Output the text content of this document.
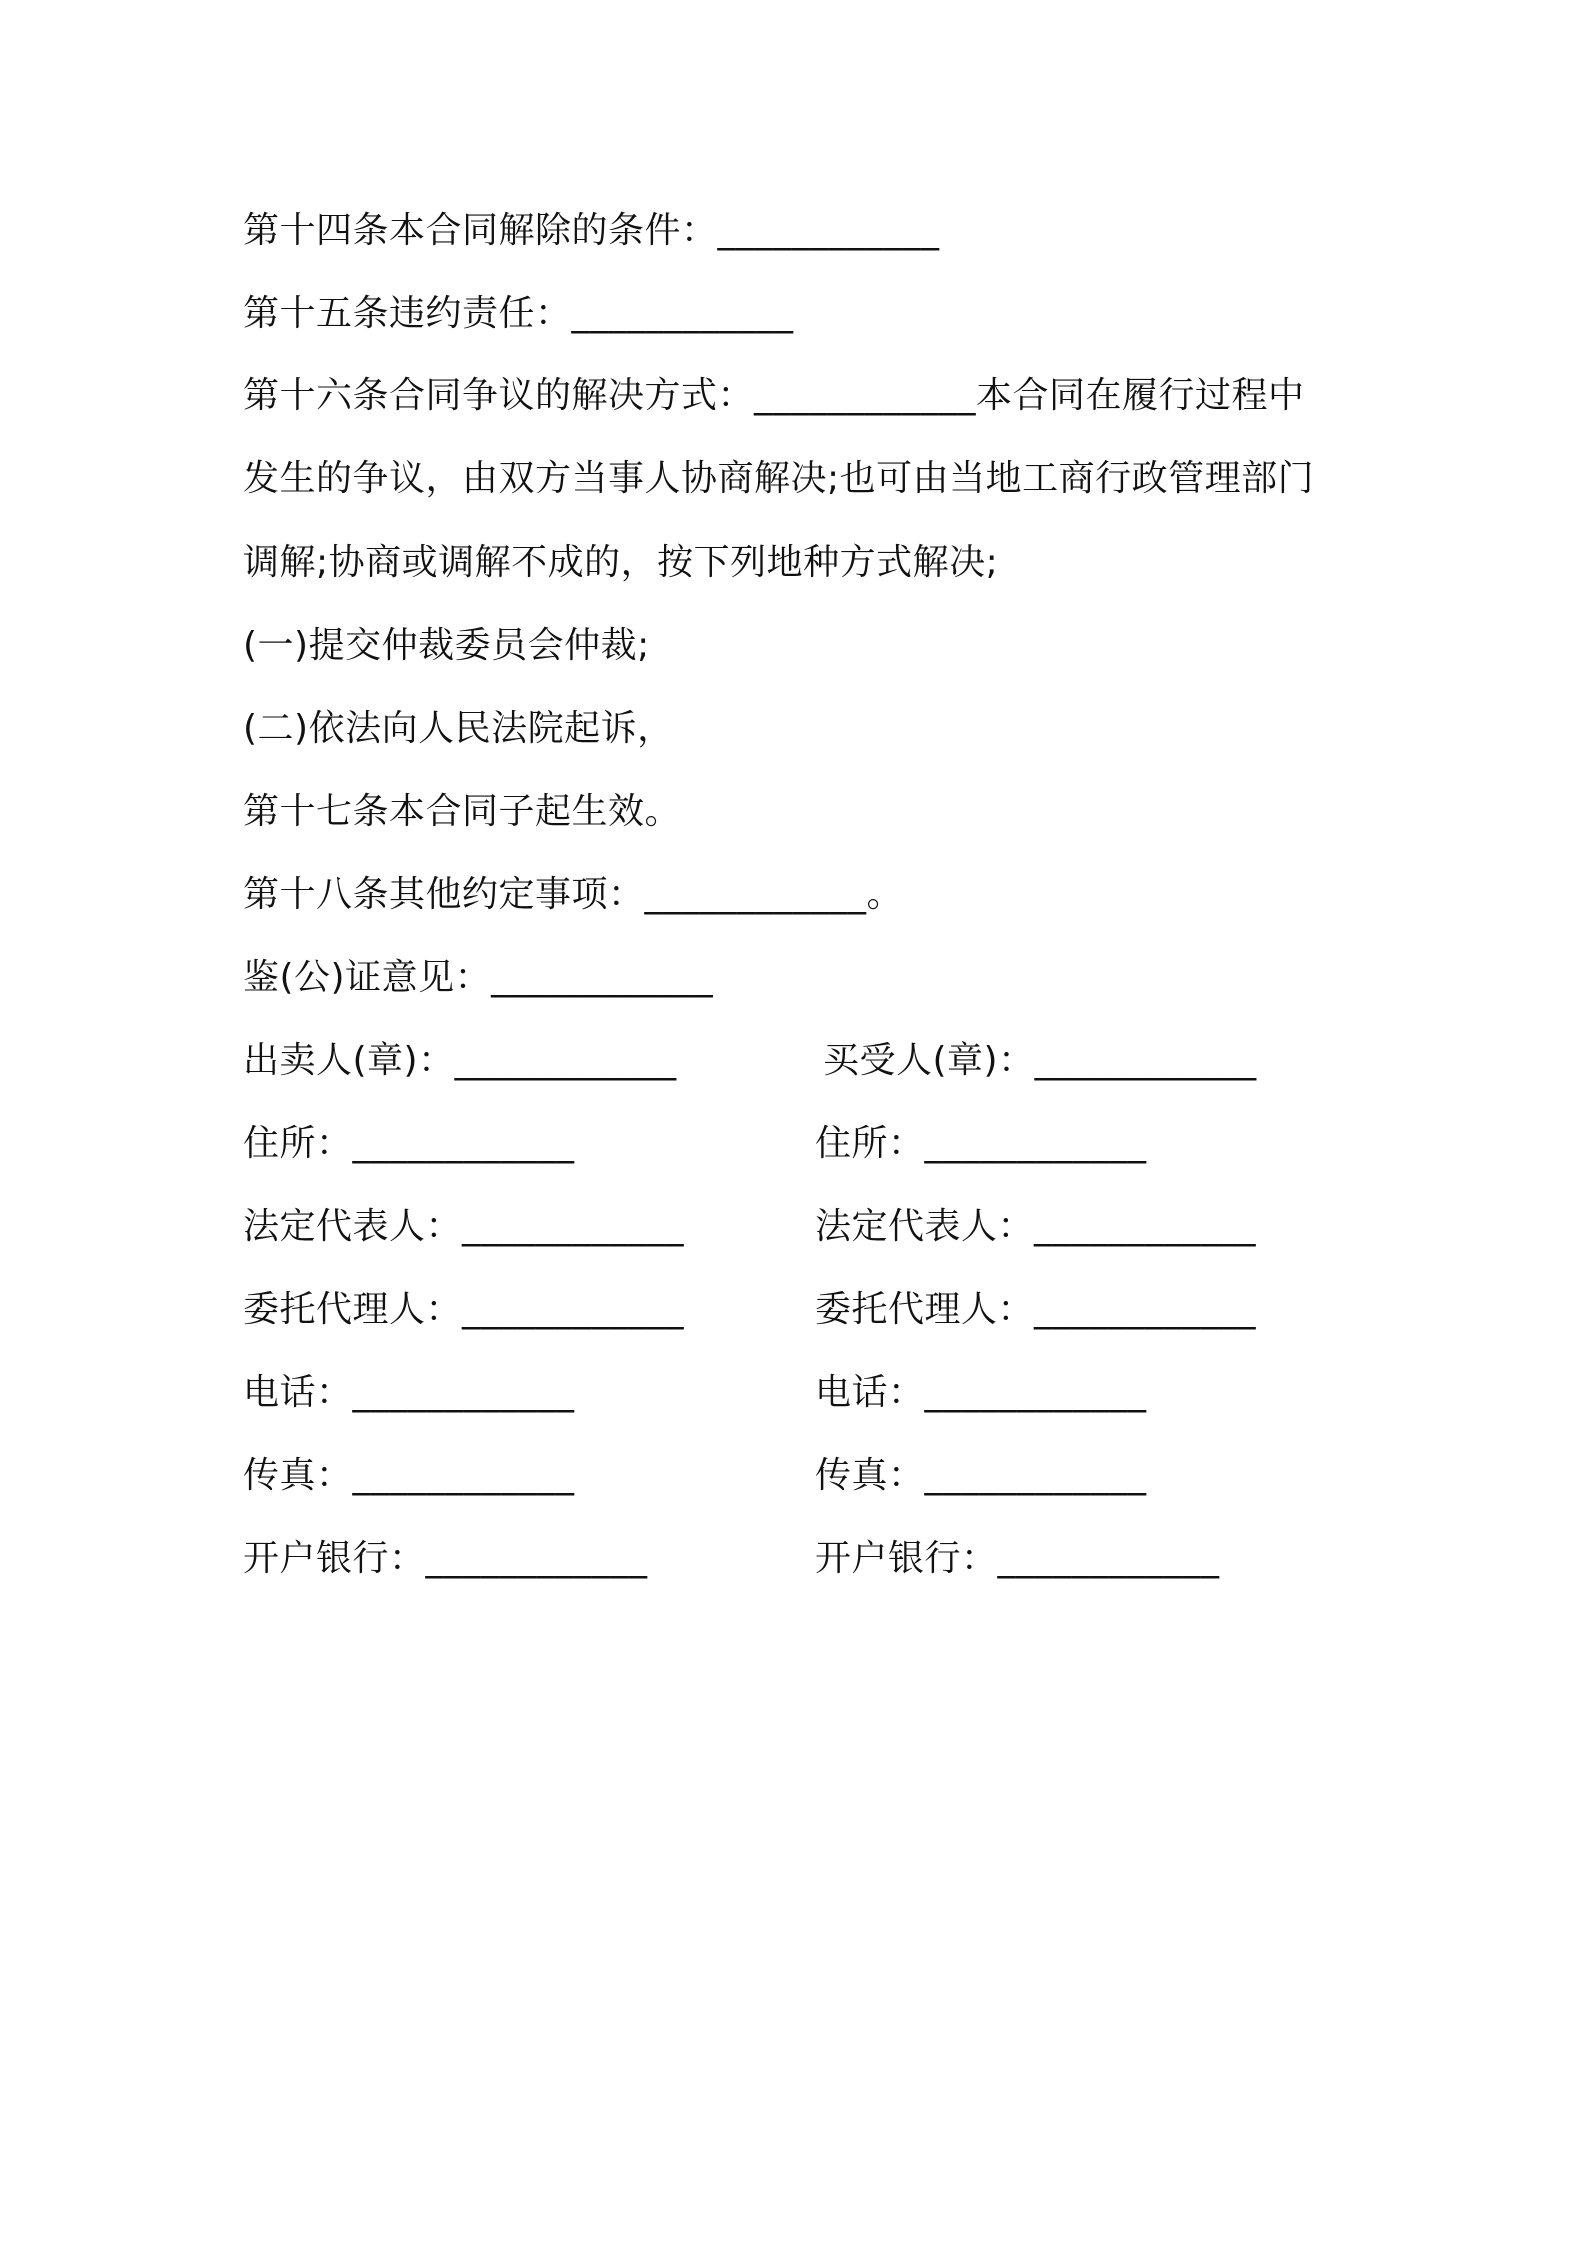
第十四条本合同解除的条件：____________
第十五条违约责任：____________
第十六条合同争议的解决方式：____________本合同在履行过程中
发生的争议，由双方当事人协商解决;也可由当地工商行政管理部门
调解;协商或调解不成的，按下列地种方式解决;
(一)提交仲裁委员会仲裁;
(二)依法向人民法院起诉，
第十七条本合同子起生效。
第十八条其他约定事项：____________。
鉴(公)证意见：____________
出卖人(章)：____________
住所：____________
法定代表人：____________
委托代理人：____________
电话：____________
传真：____________
开户银行：____________
买受人(章)：____________
住所：____________
法定代表人：____________
委托代理人：____________
电话：____________
传真：____________
开户银行：____________
